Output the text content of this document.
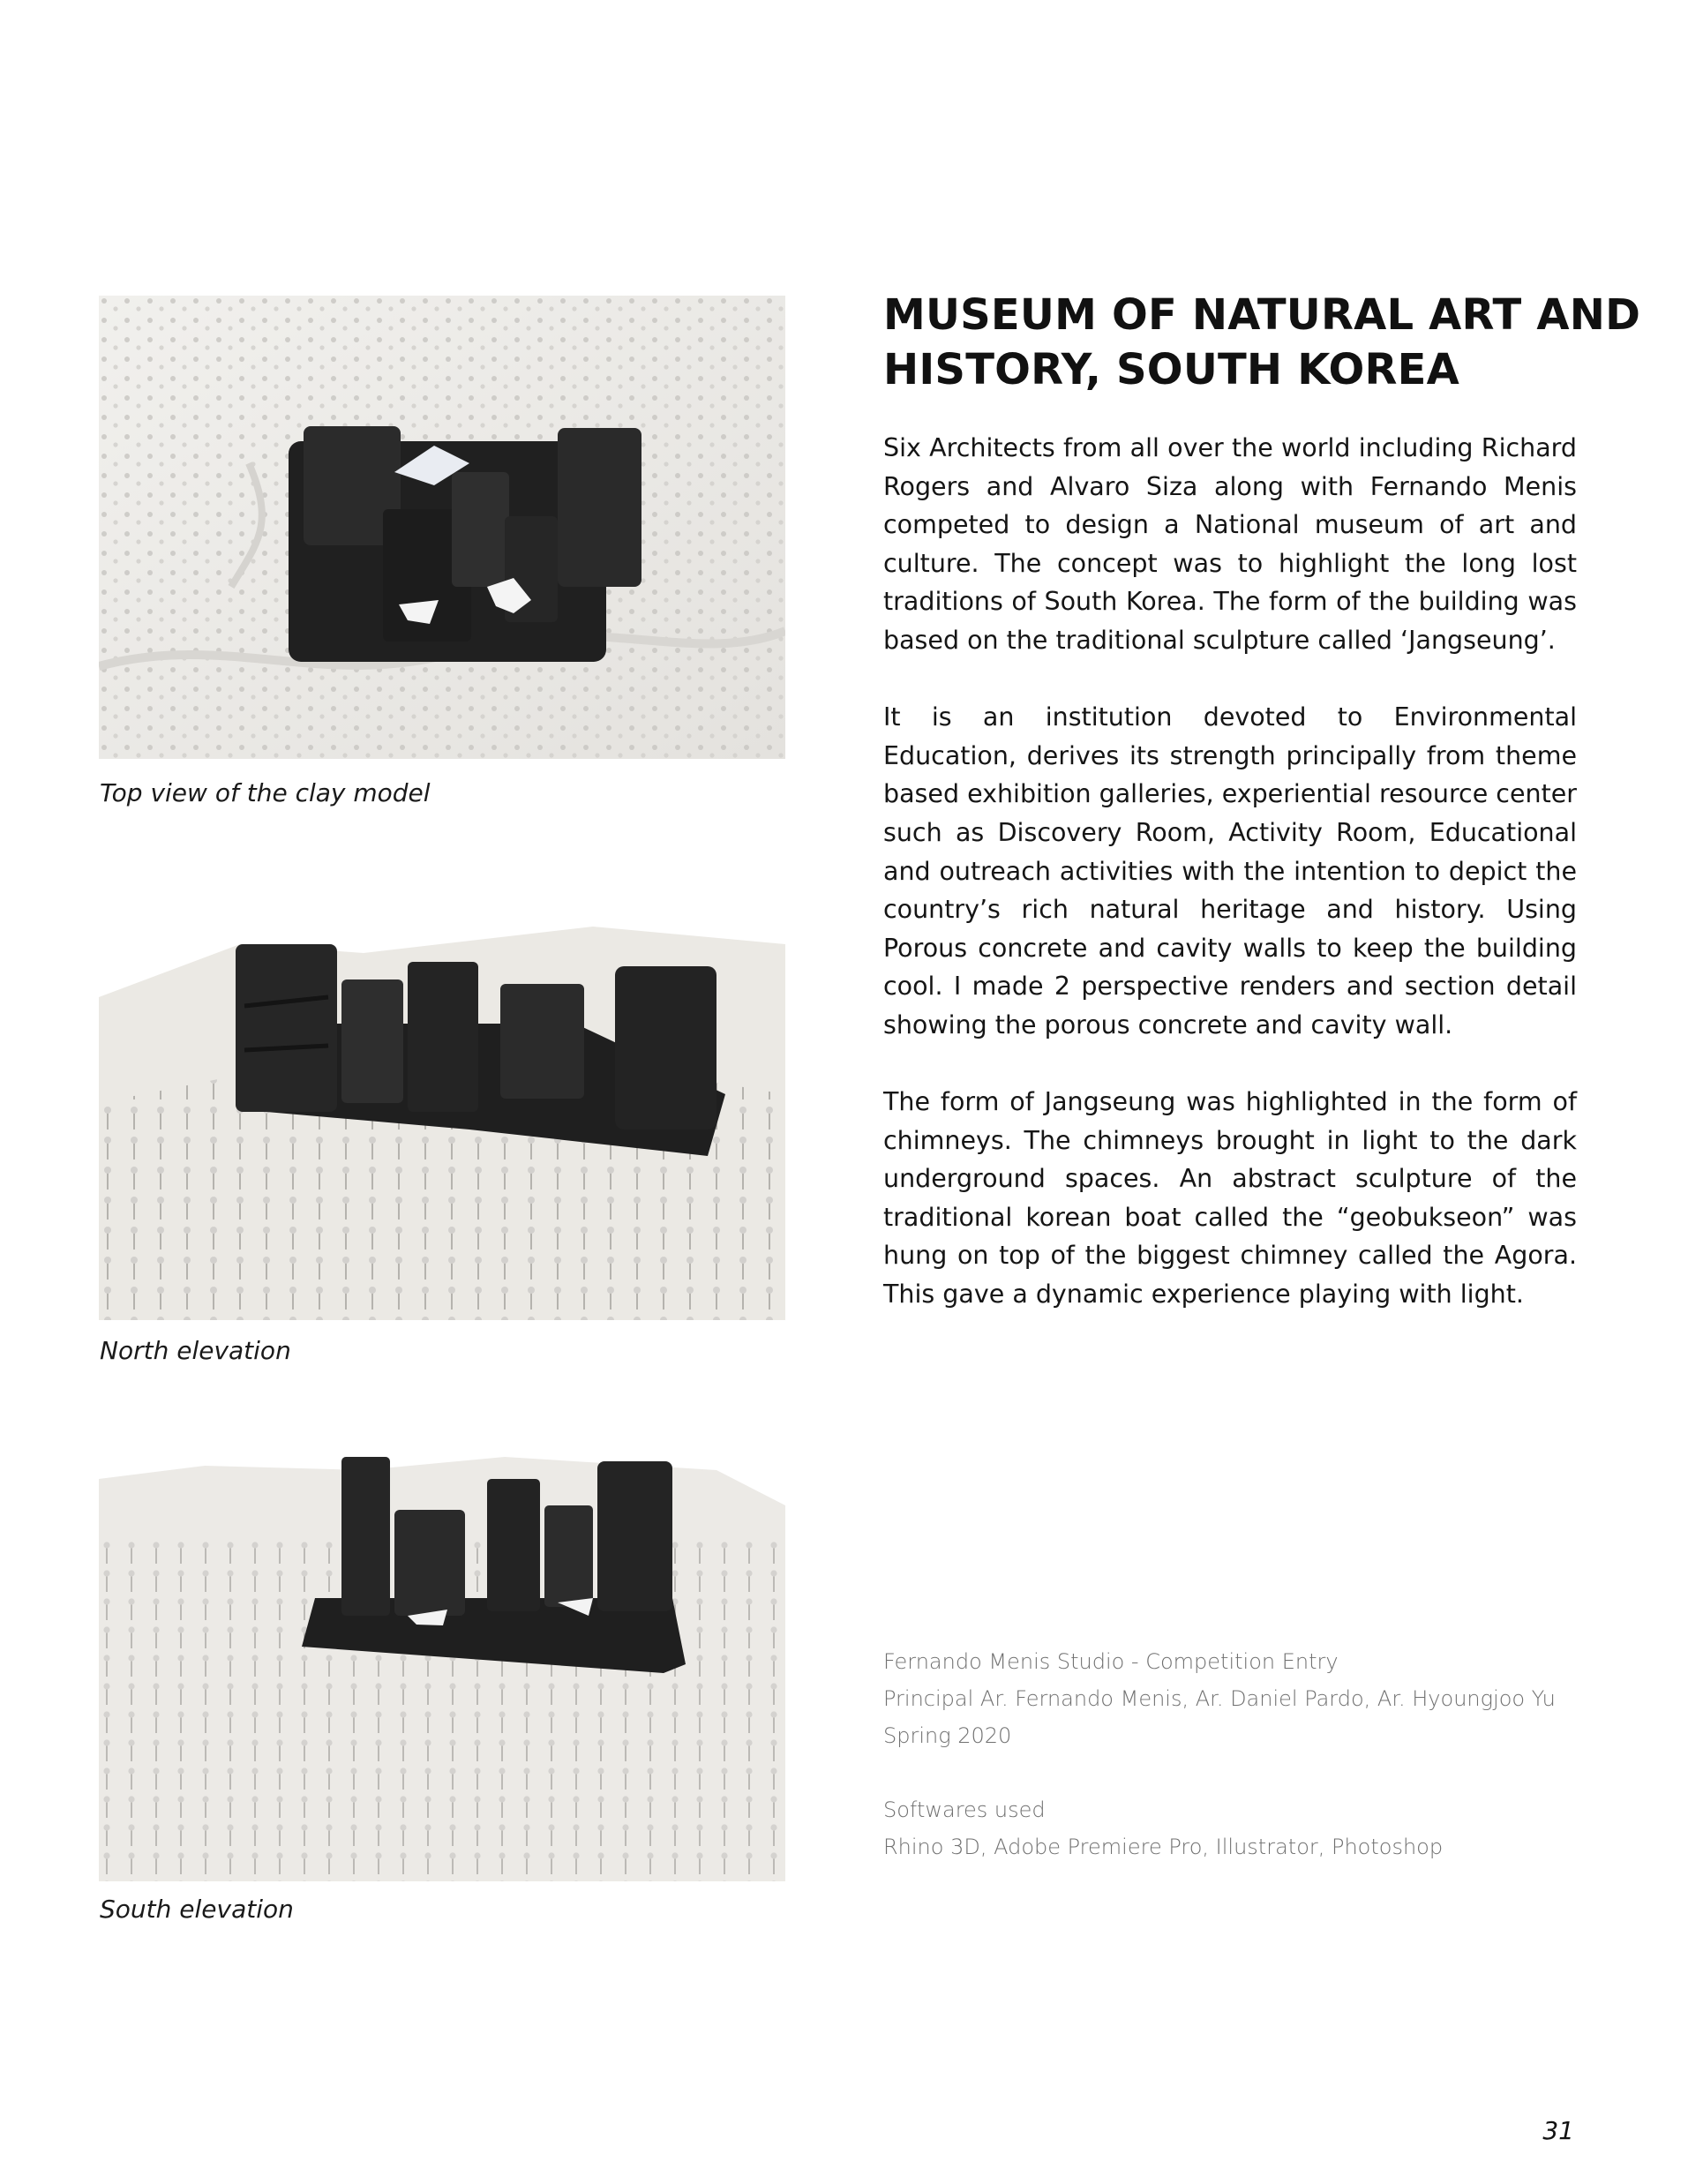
Top view of the clay model
North elevation
South elevation
MUSEUM OF NATURAL ART AND
HISTORY, SOUTH KOREA

Six Architects from all over the world including Richard Rogers and Alvaro Siza along with Fernando Menis competed to design a National museum of art and culture. The concept was to highlight the long lost traditions of South Korea. The form of the building was based on the traditional sculpture called ‘Jangseung’.

It is an institution devoted to Environmental Education, derives its strength principally from theme based exhibition galleries, experiential resource center such as Discovery Room, Activity Room, Educational and outreach activities with the intention to depict the country’s rich natural heritage and history. Using Porous concrete and cavity walls to keep the building cool. I made 2 perspective renders and section detail showing the porous concrete and cavity wall.

The form of Jangseung was highlighted in the form of chimneys. The chimneys brought in light to the dark underground spaces. An abstract sculpture of the traditional korean boat called the “geobukseon” was hung on top of the biggest chimney called the Agora. This gave a dynamic experience playing with light.

Fernando Menis Studio - Competition Entry
Principal Ar. Fernando Menis, Ar. Daniel Pardo, Ar. Hyoungjoo Yu
Spring 2020
Softwares used
Rhino 3D, Adobe Premiere Pro, Illustrator, Photoshop
31
